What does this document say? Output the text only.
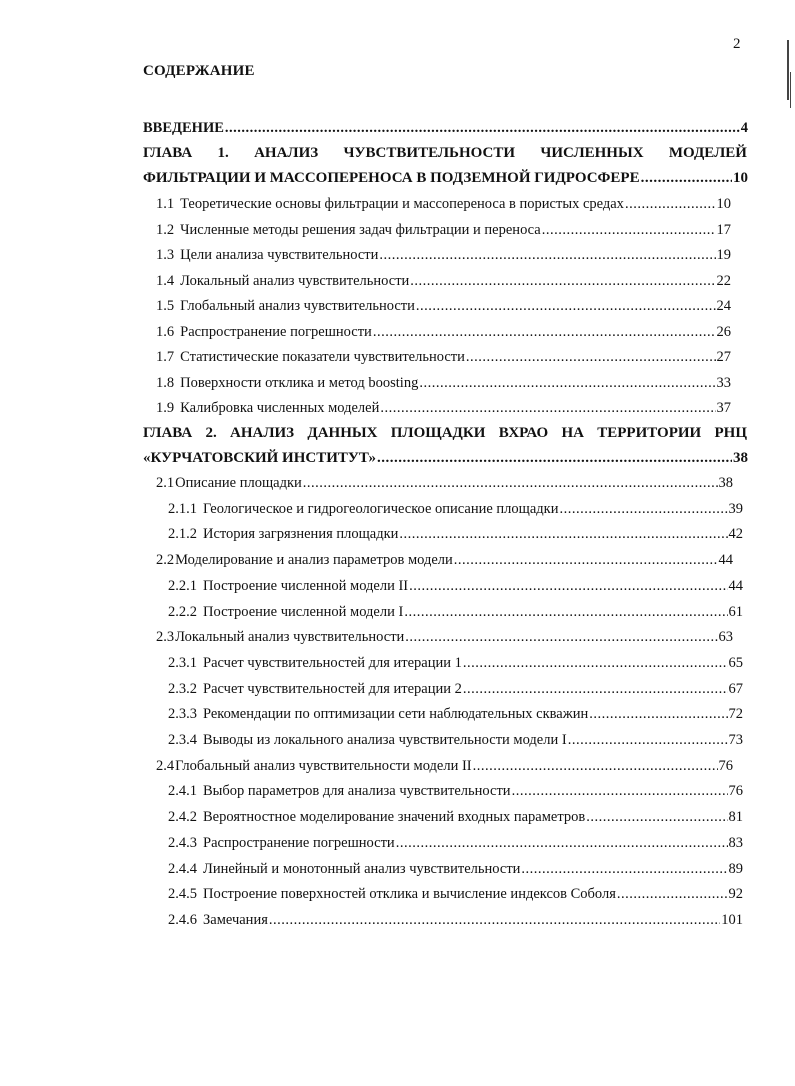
2
СОДЕРЖАНИЕ
ВВЕДЕНИЕ .....	4
ГЛАВА 1. АНАЛИЗ ЧУВСТВИТЕЛЬНОСТИ ЧИСЛЕННЫХ МОДЕЛЕЙ
ФИЛЬТРАЦИИ И МАССОПЕРЕНОСА В ПОДЗЕМНОЙ ГИДРОСФЕРЕ .....	10
1.1 Теоретические основы фильтрации и массопереноса в пористых средах .....	10
1.2 Численные методы решения задач фильтрации и переноса .....	17
1.3 Цели анализа чувствительности .....	19
1.4 Локальный анализ чувствительности .....	22
1.5 Глобальный анализ чувствительности .....	24
1.6 Распространение погрешности .....	26
1.7 Статистические показатели чувствительности .....	27
1.8 Поверхности отклика и метод boosting .....	33
1.9 Калибровка численных моделей .....	37
ГЛАВА 2. АНАЛИЗ ДАННЫХ ПЛОЩАДКИ ВХРАО НА ТЕРРИТОРИИ РНЦ
«КУРЧАТОВСКИЙ ИНСТИТУТ» .....	38
2.1 Описание площадки .....	38
2.1.1 Геологическое и гидрогеологическое описание площадки .....	39
2.1.2 История загрязнения площадки .....	42
2.2 Моделирование и анализ параметров модели .....	44
2.2.1 Построение численной модели II .....	44
2.2.2 Построение численной модели I .....	61
2.3 Локальный анализ чувствительности .....	63
2.3.1 Расчет чувствительностей для итерации 1 .....	65
2.3.2 Расчет чувствительностей для итерации 2 .....	67
2.3.3 Рекомендации по оптимизации сети наблюдательных скважин .....	72
2.3.4 Выводы из локального анализа чувствительности модели I .....	73
2.4 Глобальный анализ чувствительности модели II .....	76
2.4.1 Выбор параметров для анализа чувствительности .....	76
2.4.2 Вероятностное моделирование значений входных параметров .....	81
2.4.3 Распространение погрешности .....	83
2.4.4 Линейный и монотонный анализ чувствительности .....	89
2.4.5 Построение поверхностей отклика и вычисление индексов Соболя .....	92
2.4.6 Замечания .....	101
